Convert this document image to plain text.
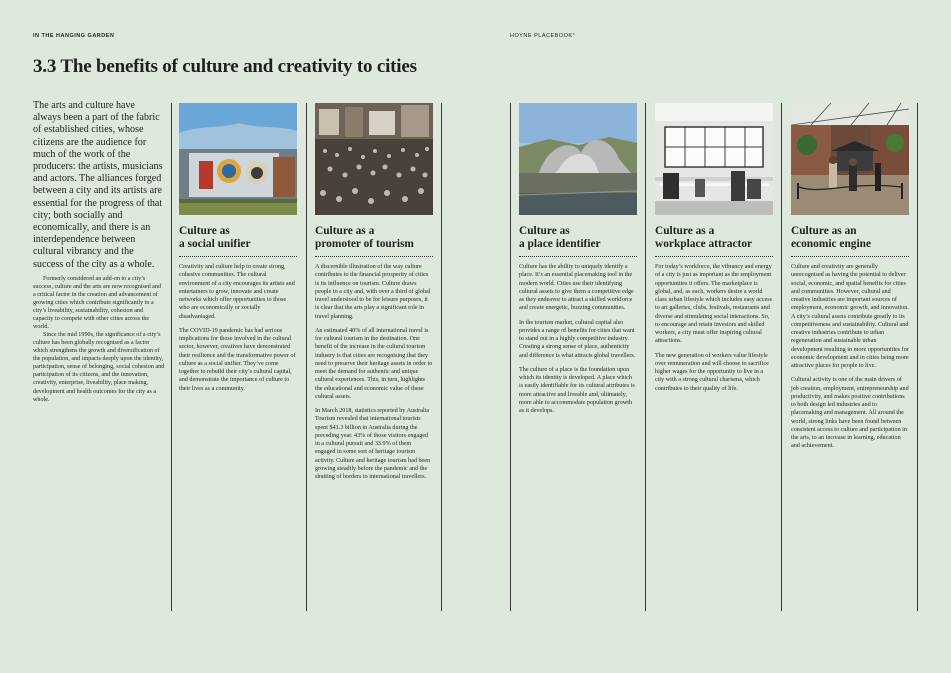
IN THE HANGING GARDEN	HOYNE PLACEBOOK°
3.3 The benefits of culture and creativity to cities

The arts and culture have always been a part of the fabric of established cities, whose citizens are the audience for much of the work of the producers: the artists, musicians and actors. The alliances forged between a city and its artists are essential for the progress of that city; both socially and economically, and there is an interdependence between cultural vibrancy and the success of the city as a whole.

Formerly considered an add-on to a city’s success, culture and the arts are now recognised and a critical factor in the creation and advancement of growing cities which contribute significantly to a city’s liveability, sustainability, cohesion and capacity to compete with other cities across the world.
Since the mid 1990s, the significance of a city’s culture has been globally recognised as a factor which strengthens the growth and diversification of the population, and impacts deeply upon the identity, participation, sense of belonging, social cohesion and participation of its citizens, and the innovation, creativity, enterprise, liveability, place making, development and health outcomes for the city as a whole.

Culture as
a social unifier

Creativity and culture help to create strong, cohesive communities. The cultural environment of a city encourages its artists and entertainers to grow, innovate and create networks which offer opportunities to those who are economically or socially disadvantaged.

The COVID-19 pandemic has had serious implications for those involved in the cultural sector, however, creatives have demonstrated their resilience and the transformative power of culture as a social unifier. They’ve come together to rebuild their city’s cultural capital, and demonstrate the importance of culture to their lives as a community.

Culture as a
promoter of tourism

A discernible illustration of the way culture contributes to the financial prosperity of cities is its influence on tourism. Culture draws people to a city and, with over a third of global travel understood to be for leisure purposes, it is clear that the arts play a significant role in travel planning.

An estimated 40% of all international travel is for cultural tourism in the destination. One benefit of the increase in the cultural tourism industry is that cities are recognising that they need to preserve their heritage assets in order to meet the demand for authentic and unique cultural experiences. This, in turn, highlights the educational and economic value of these cultural assets.

In March 2018, statistics reported by Australia Tourism revealed that international tourists spent $41.3 billion in Australia during the preceding year. 43% of those visitors engaged in a cultural pursuit and 33.9% of them engaged in some sort of heritage tourism activity. Culture and heritage tourism had been growing steadily before the pandemic and the shutting of borders to international travellers.

Culture as
a place identifier

Culture has the ability to uniquely identify a place. It’s an essential placemaking tool in the modern world. Cities use their identifying cultural assets to give them a competitive edge as they endeavor to attract a skilled workforce and create energetic, buzzing communities.

In the tourism market, cultural capital also provides a range of benefits for cities that want to stand out in a highly competitive industry. Creating a strong sense of place, authenticity and difference is what attracts global travellers.

The culture of a place is the foundation upon which its identity is developed. A place which is easily identifiable for its cultural attributes is more attractive and liveable and, ultimately, more able to accommodate population growth as it develops.

Culture as a
workplace attractor

For today’s workforce, the vibrancy and energy of a city is just as important as the employment opportunities it offers. The marketplace is global, and, as such, workers desire a world class urban lifestyle which includes easy access to art galleries, clubs, festivals, restaurants and diverse and stimulating social interactions. So, to encourage and retain investors and skilled workers, a city must offer inspiring cultural attractions.

The new generation of workers value lifestyle over remuneration and will choose to sacrifice higher wages for the opportunity to live in a city with a strong cultural charisma, which contributes to their quality of life.

Culture as an
economic engine

Culture and creativity are generally unrecognised as having the potential to deliver social, economic, and spatial benefits for cities and communities. However, cultural and creative industries are important sources of employment, economic growth, and innovation. A city’s cultural assets contribute greatly to its competitiveness and sustainability. Cultural and creative industries contribute to urban regeneration and sustainable urban development resulting in more opportunities for economic development and in cities being more attractive places for people to live.

Cultural activity is one of the main drivers of job creation, employment, entrepreneurship and productivity, and makes positive contributions to both design led industries and to placemaking and management. All around the world, strong links have been found between consistent access to culture and participation in the arts, to an increase in learning, education and achievement.
